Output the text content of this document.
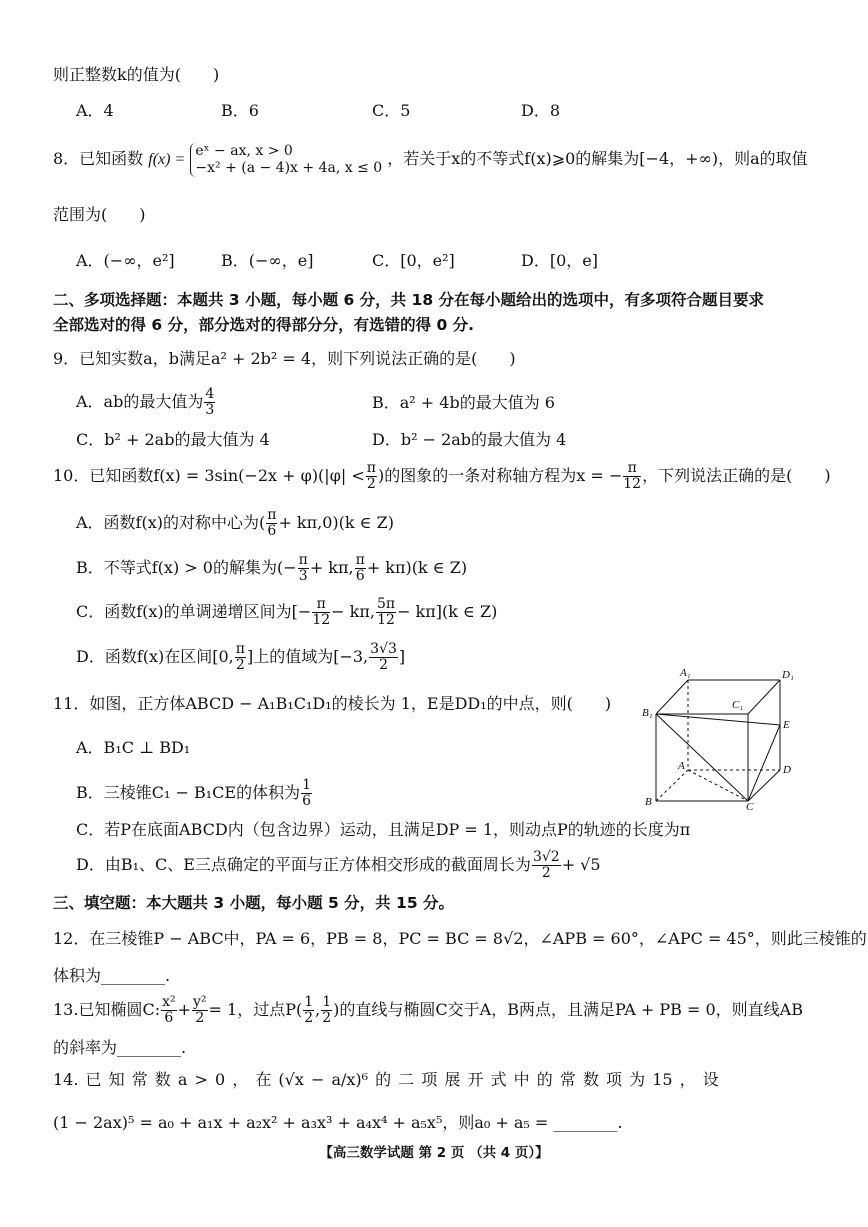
则正整数k的值为(　　)
A．4	B．6	C．5	D．8
8．已知函数 f(x) =
eˣ − ax, x > 0
−x² + (a − 4)x + 4a, x ≤ 0 ，若关于x的不等式f(x)⩾0的解集为[−4，+∞)，则a的取值
范围为(　　)
A．(−∞，e²]	B．(−∞，e]	C．[0，e²]	D．[0，e]
二、多项选择题：本题共 3 小题，每小题 6 分，共 18 分在每小题给出的选项中，有多项符合题目要求
全部选对的得 6 分，部分选对的得部分分，有选错的得 0 分.
9．已知实数a，b满足a² + 2b² = 4，则下列说法正确的是(　　)
A．ab的最大值为 $\frac{4}{3}$	B．a² + 4b的最大值为 6
C．b² + 2ab的最大值为 4	D．b² − 2ab的最大值为 4
10．已知函数$f(x) = 3\sin(-2x + \varphi)(|\varphi| < \frac{\pi}{2}$ )的图象的一条对称轴方程为x = − $\frac{\pi}{12}$ ，下列说法正确的是(　　)
A．函数f(x)的对称中心为( $\frac{\pi}{6} + k\pi,0)(k$ ∈ Z)
B．不等式f(x) > 0的解集为(− $\frac{\pi}{3} + k\pi$, $\frac{\pi}{6} + k\pi)(k$ ∈ Z)
C．函数f(x)的单调递增区间为[− $\frac{\pi}{12} - k\pi$, $\frac{5\pi}{12} - k\pi](k$ ∈ Z)
D．函数f(x)在区间[0, $\frac{\pi}{2}$ ]上的值域为[−3, $\frac{3√3}{2}$ ]
11．如图，正方体ABCD − A₁B₁C₁D₁的棱长为 1，E是DD₁的中点，则(　　)
A．B₁C ⊥ BD₁
B．三棱锥C₁ − B₁CE的体积为 $\frac{1}{6}$
C．若P在底面ABCD内（包含边界）运动，且满足DP = 1，则动点P的轨迹的长度为π
D．由B₁、C、E三点确定的平面与正方体相交形成的截面周长为 $\frac{3√2}{2} + √5$
A₁	D₁
B₁
C₁
E
A	D
B	C
三、填空题：本大题共 3 小题，每小题 5 分，共 15 分。
12．在三棱锥P − ABC中，PA = 6，PB = 8，PC = BC = 8√2，∠APB = 60°，∠APC = 45°，则此三棱锥的
体积为________.
13.已知椭圆C: $\frac{\text{x²}}{6} + \frac{\text{y²}}{2} = 1$，过点$P( \frac{1}{2}$ , $\frac{1}{2}$ )的直线与椭圆C交于A，B两点，且满足PA + PB = 0，则直线AB
的斜率为________.
14. 已 知 常 数 a > 0 ， 在 (√x − a/x)⁶ 的 二 项 展 开 式 中 的 常 数 项 为 15 ， 设
(1 − 2ax)⁵ = a₀ + a₁x + a₂x² + a₃x³ + a₄x⁴ + a₅x⁵，则a₀ + a₅ = ________.
【高三数学试题 第 2 页 （共 4 页）】
